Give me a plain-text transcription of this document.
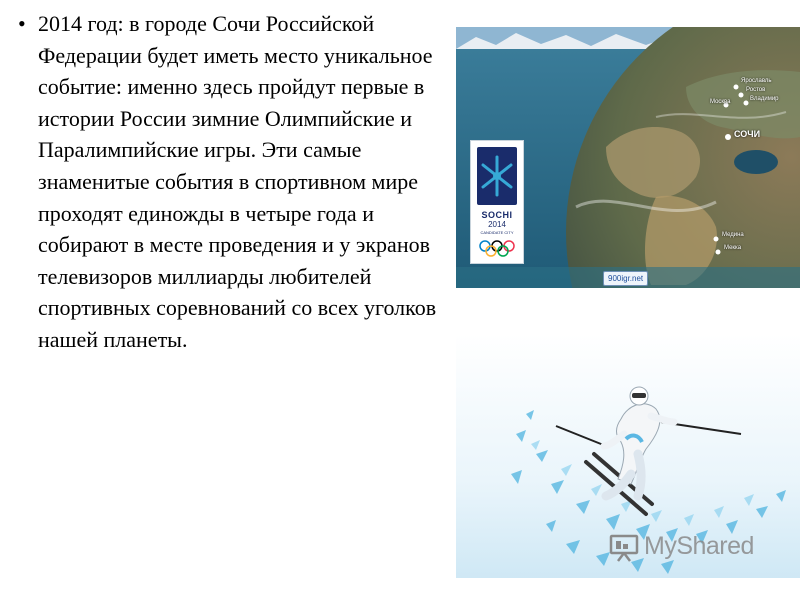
• 2014 год: в городе Сочи Российской Федерации будет иметь место уникальное событие: именно здесь пройдут первые в истории России зимние Олимпийские и Паралимпийские игры. Эти самые знаменитые события в спортивном мире проходят единожды в четыре года и собирают в месте проведения и у экранов телевизоров миллиарды любителей спортивных соревнований со всех уголков нашей планеты.
Ярославль
Ростов
Владимир
Москва
СОЧИ
Медина
Мекка
SOCHI
2014
CANDIDATE CITY
900igr.net
MyShared
